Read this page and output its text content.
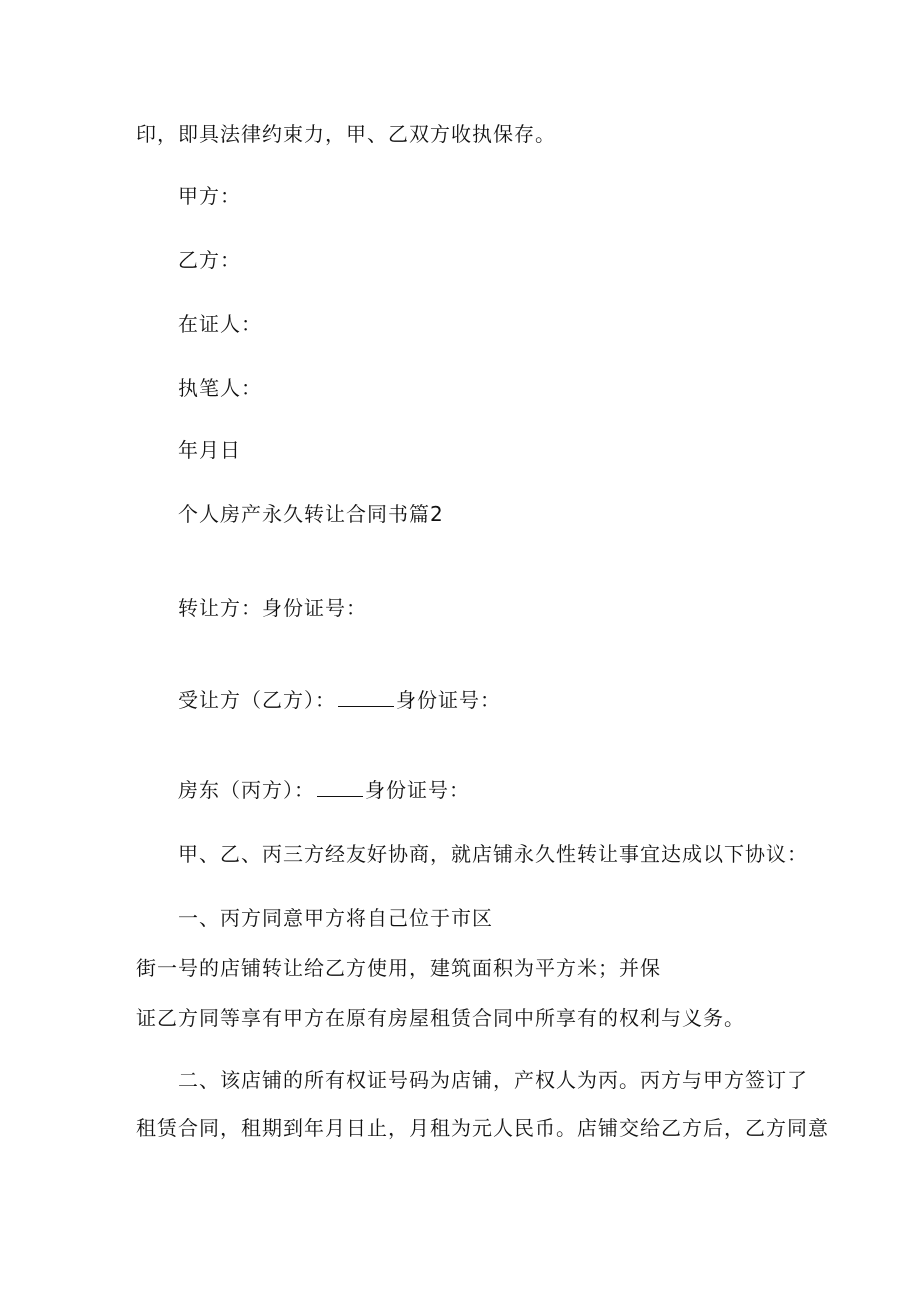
印，即具法律约束力，甲、乙双方收执保存。
甲方：
乙方：
在证人：
执笔人：
年月日
个人房产永久转让合同书篇2
转让方：身份证号：
受让方（乙方）：	身份证号：
房东（丙方）：	身份证号：
甲、乙、丙三方经友好协商，就店铺永久性转让事宜达成以下协议：
一、丙方同意甲方将自己位于市区
街一号的店铺转让给乙方使用，建筑面积为平方米；并保
证乙方同等享有甲方在原有房屋租赁合同中所享有的权利与义务。
二、该店铺的所有权证号码为店铺，产权人为丙。丙方与甲方签订了
租赁合同，租期到年月日止，月租为元人民币。店铺交给乙方后，乙方同意
